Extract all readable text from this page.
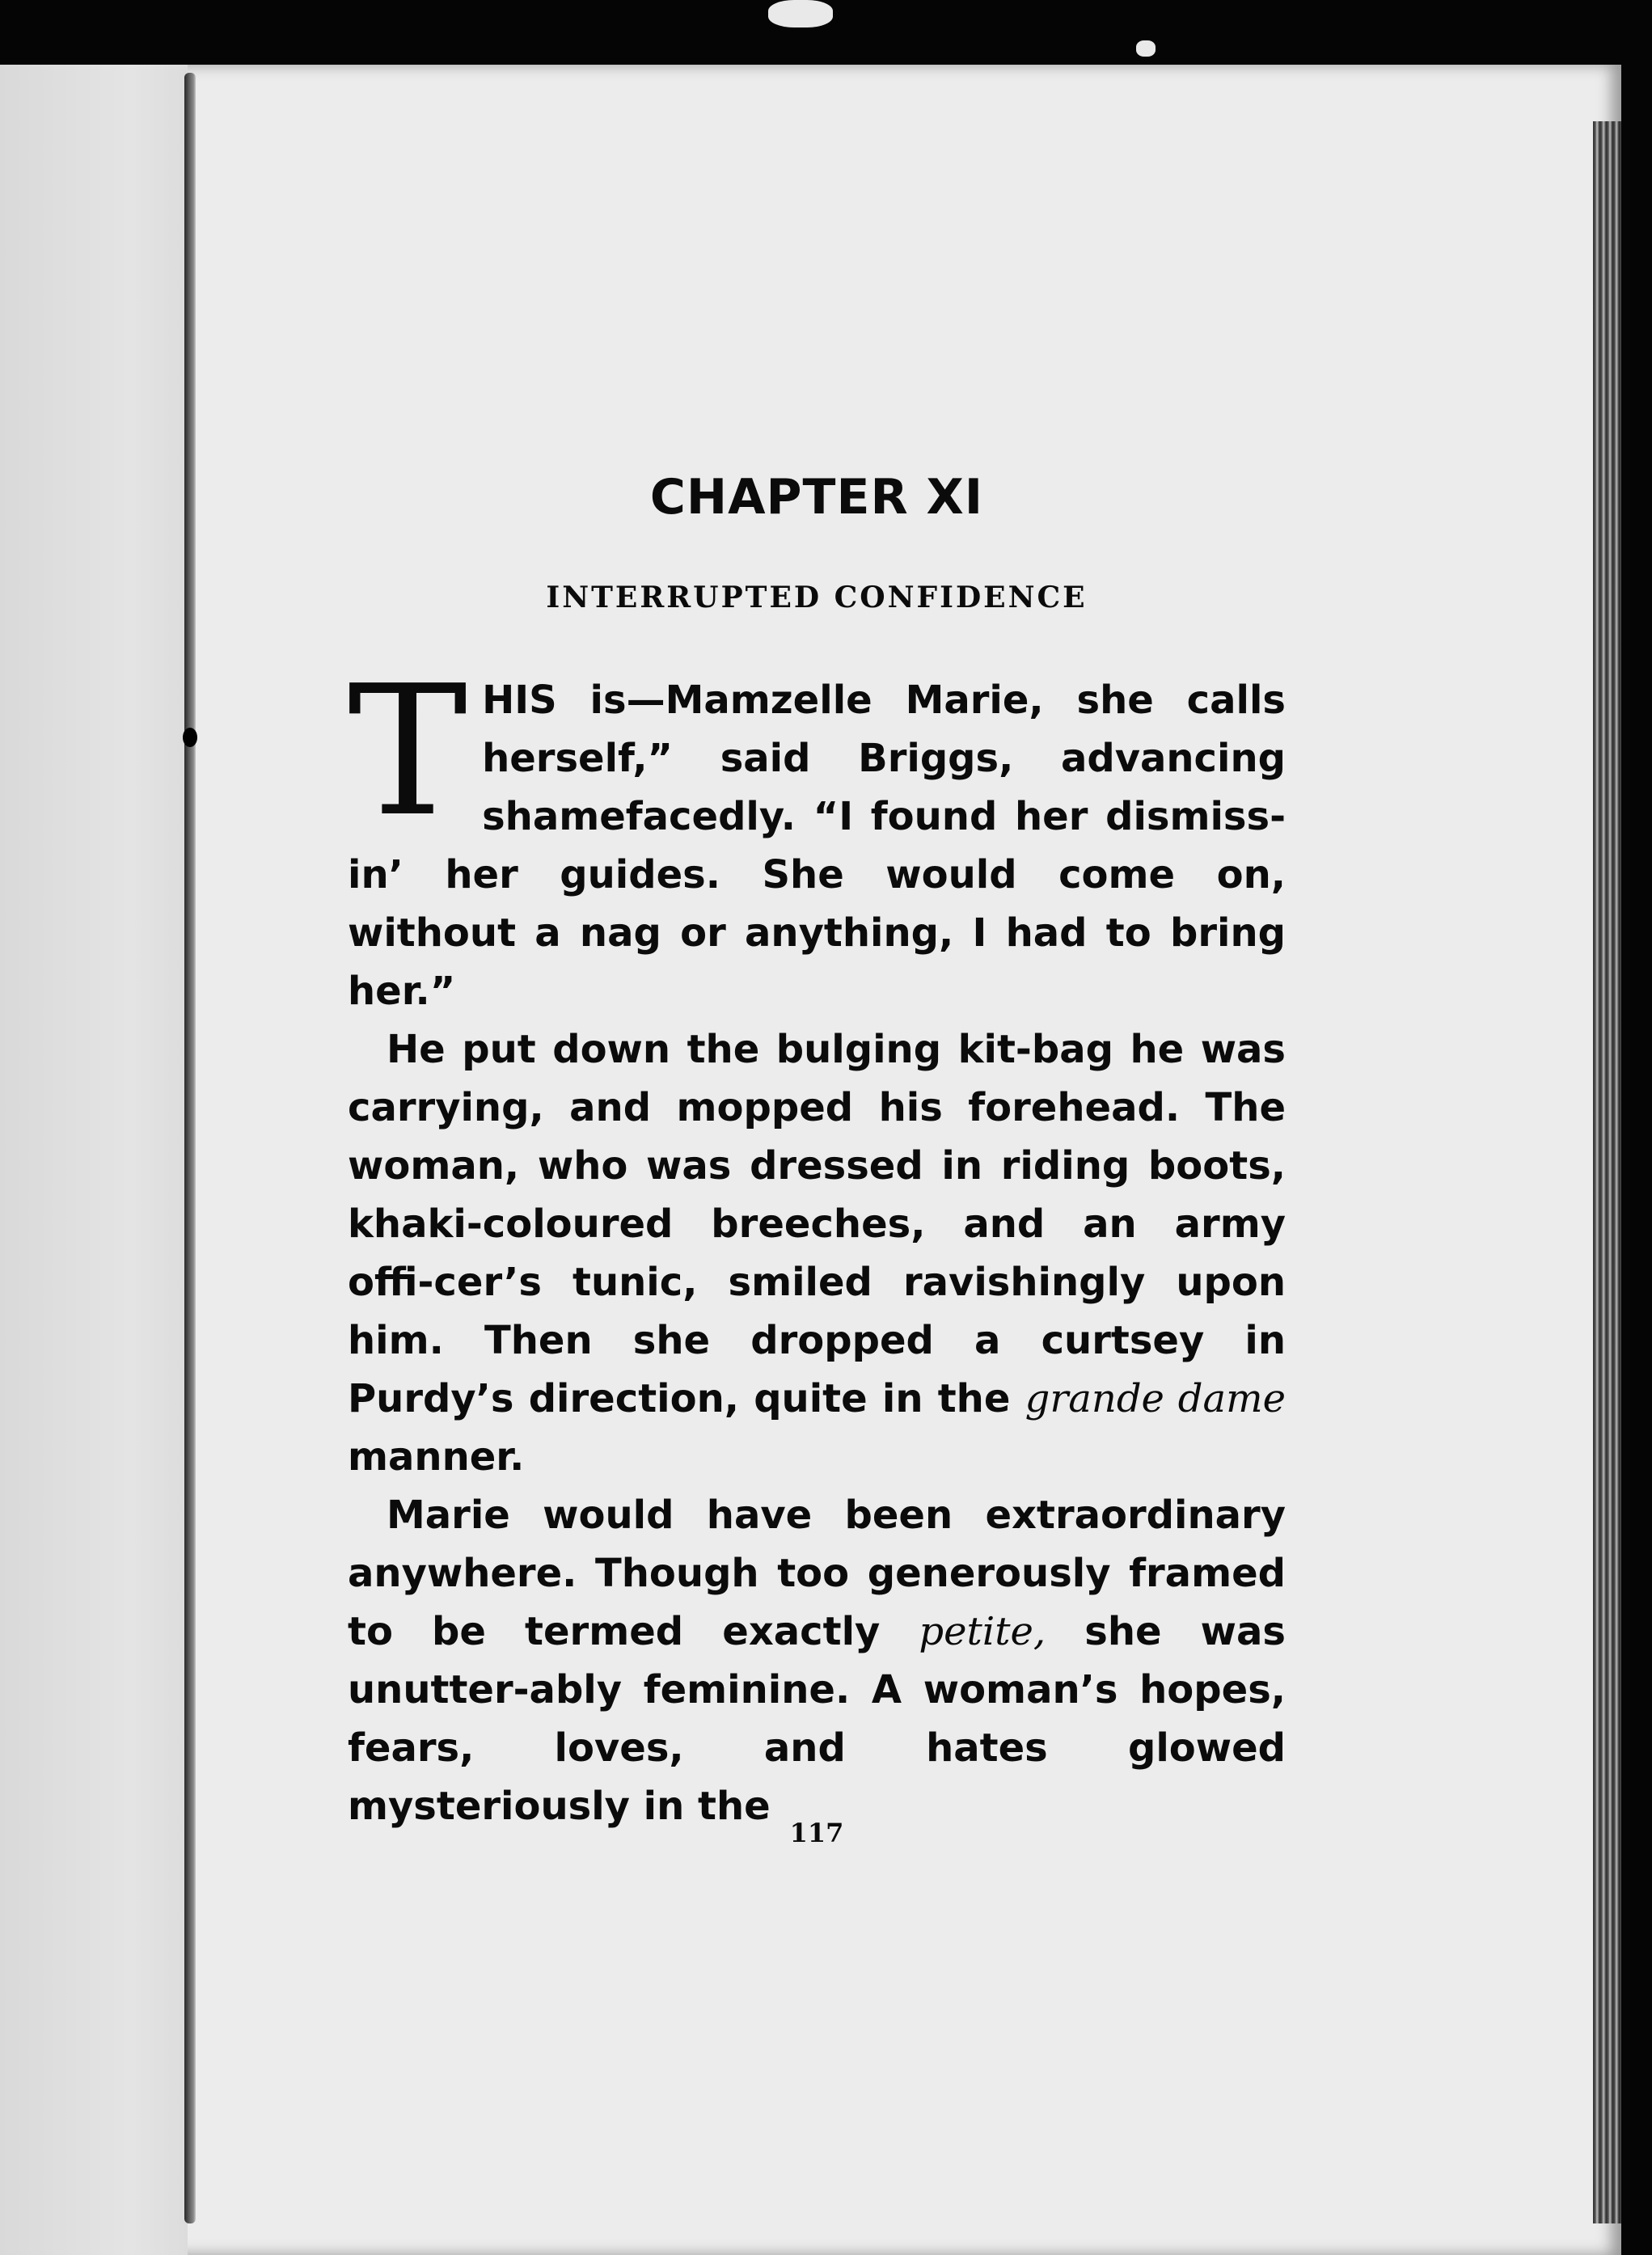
CHAPTER XI
INTERRUPTED CONFIDENCE

THIS is—Mamzelle Marie, she calls herself,” said Briggs, advancing shamefacedly. “I found her dismiss-in’ her guides. She would come on, without a nag or anything, I had to bring her.”

He put down the bulging kit-bag he was carrying, and mopped his forehead. The woman, who was dressed in riding boots, khaki-coloured breeches, and an army offi-cer’s tunic, smiled ravishingly upon him. Then she dropped a curtsey in Purdy’s direction, quite in the grande dame manner.

Marie would have been extraordinary anywhere. Though too generously framed to be termed exactly petite, she was unutter-ably feminine. A woman’s hopes, fears, loves, and hates glowed mysteriously in the

117
